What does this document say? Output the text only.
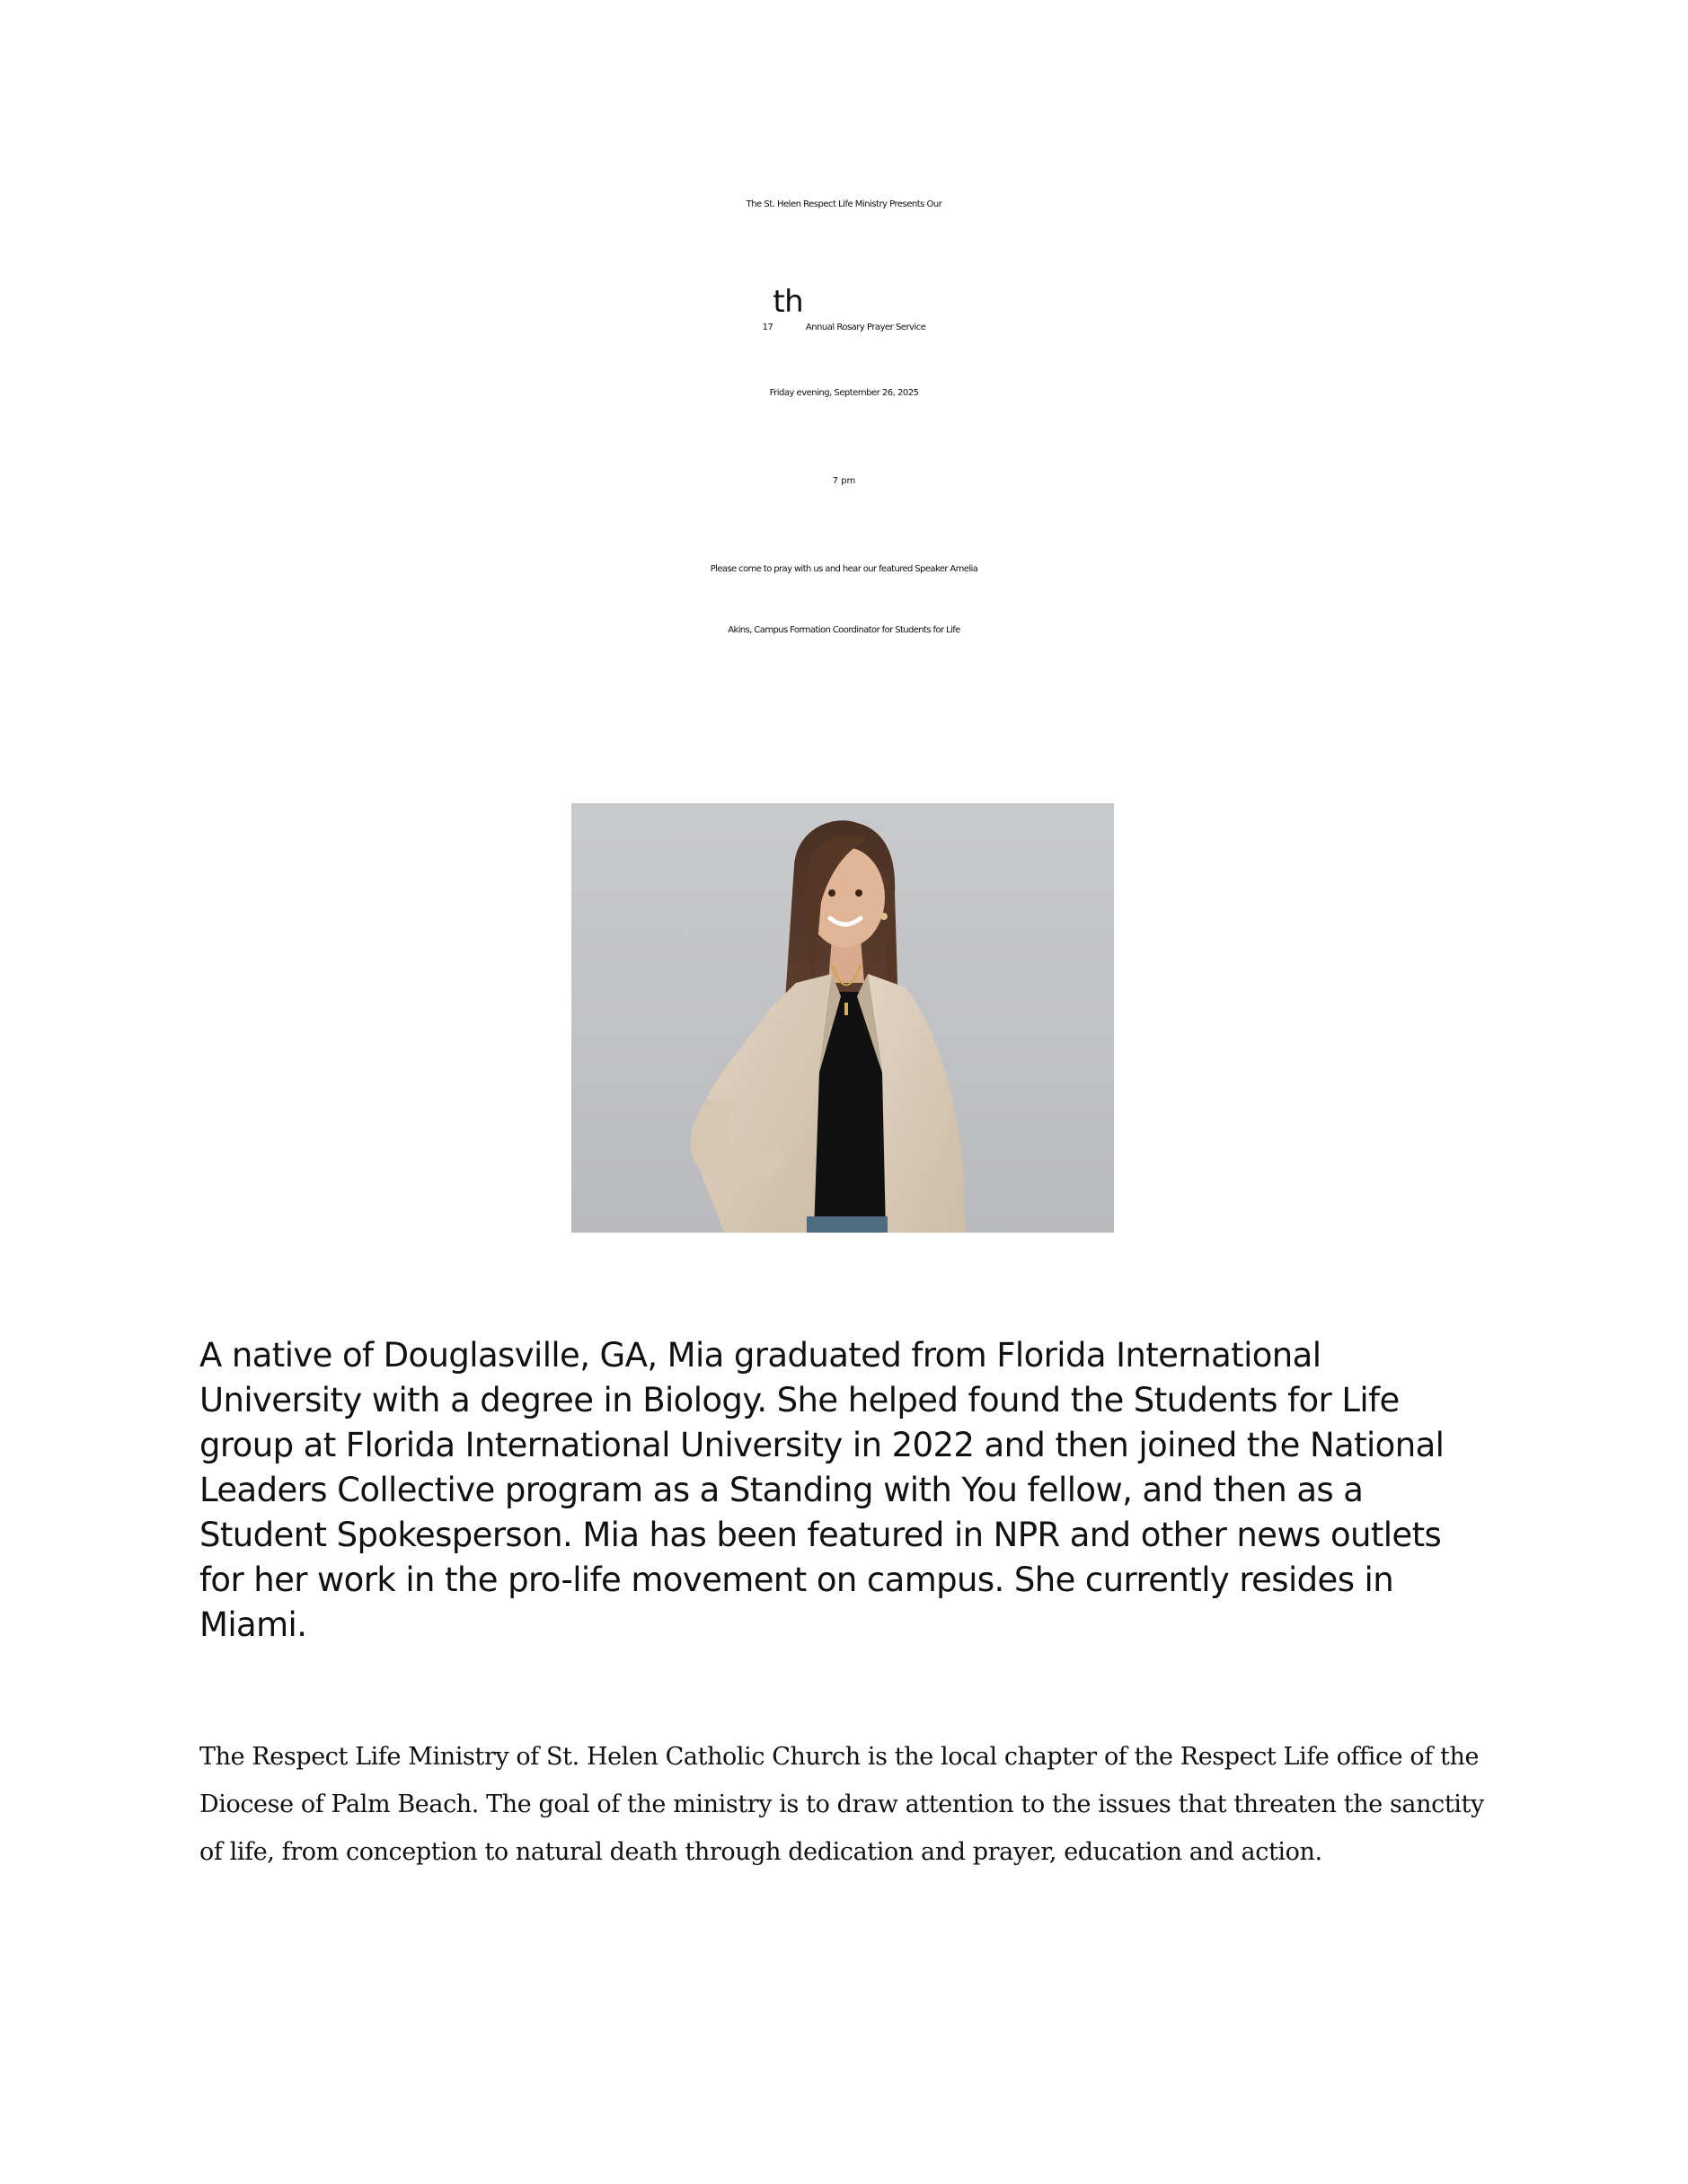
The St. Helen Respect Life Ministry Presents Our
17th Annual Rosary Prayer Service
Friday evening, September 26, 2025
7 pm
Please come to pray with us and hear our featured Speaker Amelia
Akins, Campus Formation Coordinator for Students for Life
A native of Douglasville, GA, Mia graduated from Florida International
University with a degree in Biology. She helped found the Students for Life
group at Florida International University in 2022 and then joined the National
Leaders Collective program as a Standing with You fellow, and then as a
Student Spokesperson. Mia has been featured in NPR and other news outlets
for her work in the pro-life movement on campus. She currently resides in
Miami.
The Respect Life Ministry of St. Helen Catholic Church is the local chapter of the Respect Life office of the
Diocese of Palm Beach. The goal of the ministry is to draw attention to the issues that threaten the sanctity
of life, from conception to natural death through dedication and prayer, education and action.
